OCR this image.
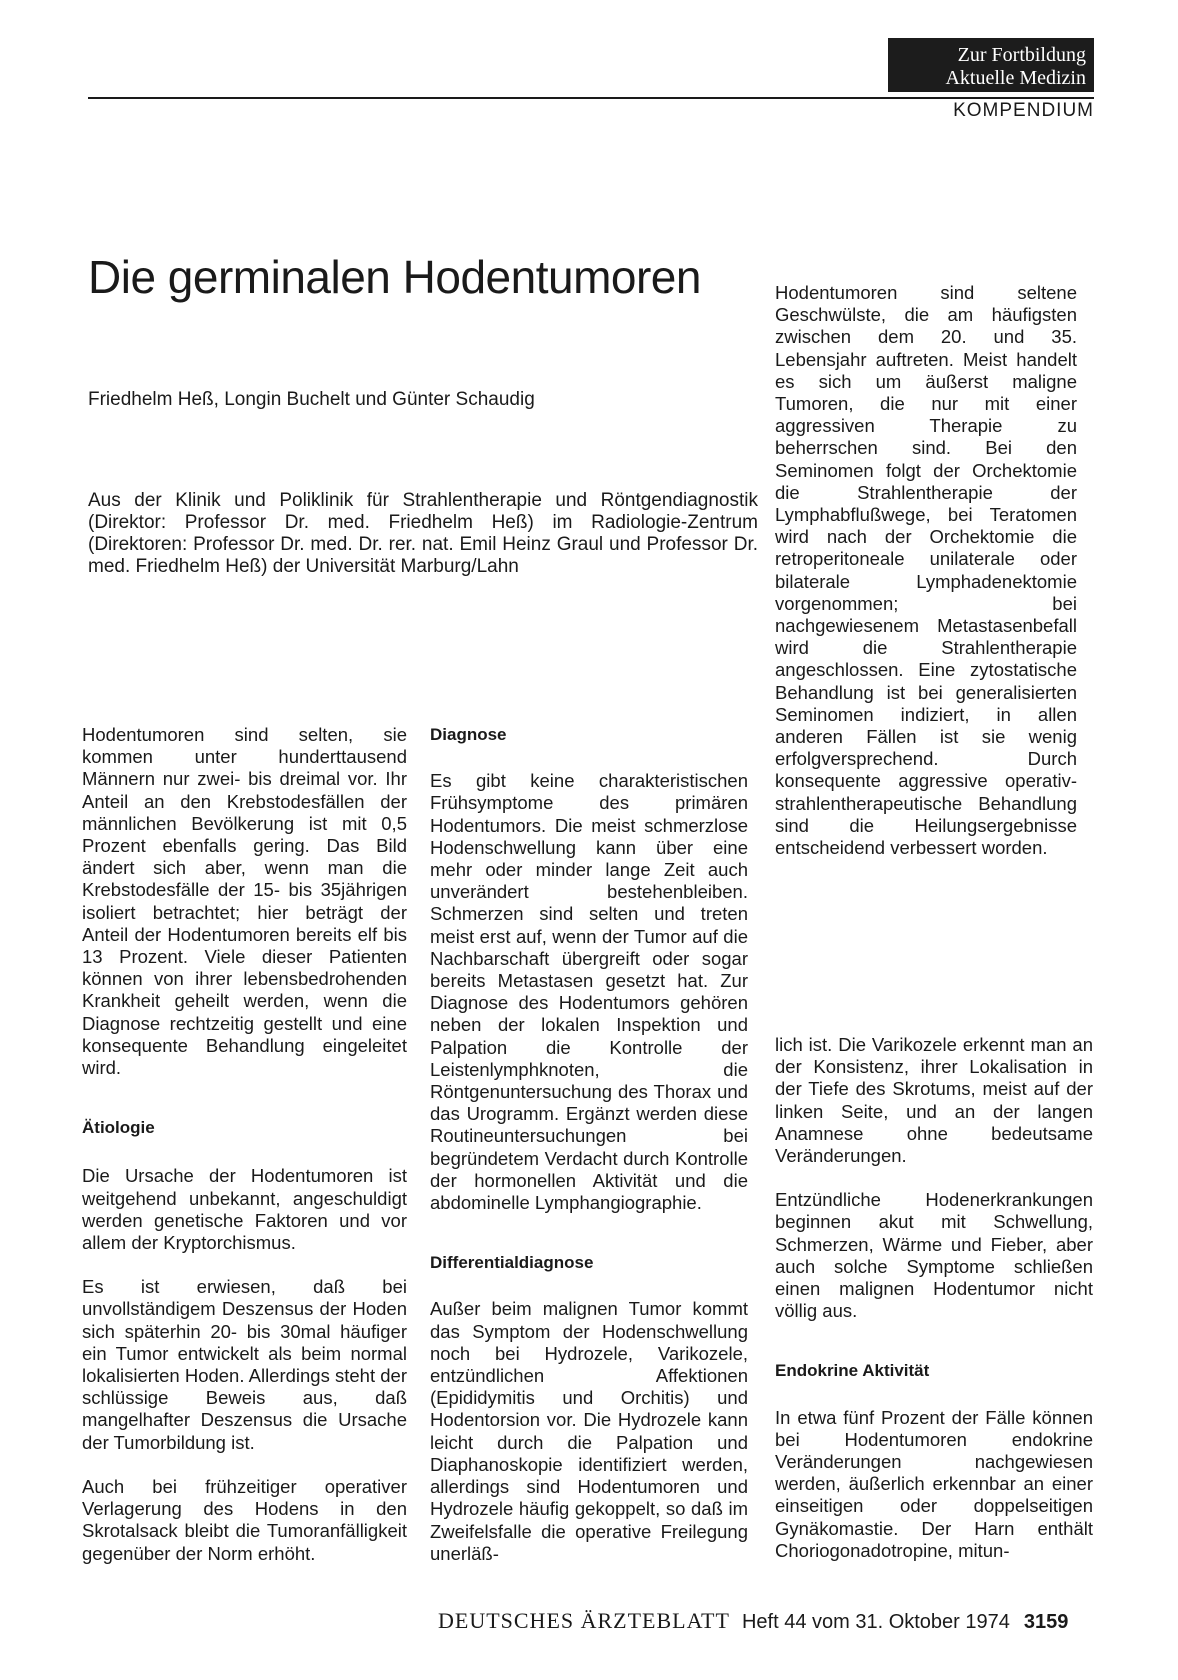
Zur Fortbildung
Aktuelle Medizin
KOMPENDIUM
Die germinalen Hodentumoren
Friedhelm Heß, Longin Buchelt und Günter Schaudig
Aus der Klinik und Poliklinik für Strahlentherapie und Röntgendiagnostik (Direktor: Professor Dr. med. Friedhelm Heß) im Radiologie-Zentrum (Direktoren: Professor Dr. med. Dr. rer. nat. Emil Heinz Graul und Professor Dr. med. Friedhelm Heß) der Universität Marburg/Lahn

Hodentumoren sind selten, sie kommen unter hunderttausend Männern nur zwei- bis dreimal vor. Ihr Anteil an den Krebstodesfällen der männlichen Bevölkerung ist mit 0,5 Prozent ebenfalls gering. Das Bild ändert sich aber, wenn man die Krebstodesfälle der 15- bis 35jährigen isoliert betrachtet; hier beträgt der Anteil der Hodentumoren bereits elf bis 13 Prozent. Viele dieser Patienten können von ihrer lebensbedrohenden Krankheit geheilt werden, wenn die Diagnose rechtzeitig gestellt und eine konsequente Behandlung eingeleitet wird.

Ätiologie

Die Ursache der Hodentumoren ist weitgehend unbekannt, angeschuldigt werden genetische Faktoren und vor allem der Kryptorchismus.

Es ist erwiesen, daß bei unvollständigem Deszensus der Hoden sich späterhin 20- bis 30mal häufiger ein Tumor entwickelt als beim normal lokalisierten Hoden. Allerdings steht der schlüssige Beweis aus, daß mangelhafter Deszensus die Ursache der Tumorbildung ist.

Auch bei frühzeitiger operativer Verlagerung des Hodens in den Skrotalsack bleibt die Tumoranfälligkeit gegenüber der Norm erhöht.

Diagnose

Es gibt keine charakteristischen Frühsymptome des primären Hodentumors. Die meist schmerzlose Hodenschwellung kann über eine mehr oder minder lange Zeit auch unverändert bestehenbleiben. Schmerzen sind selten und treten meist erst auf, wenn der Tumor auf die Nachbarschaft übergreift oder sogar bereits Metastasen gesetzt hat. Zur Diagnose des Hodentumors gehören neben der lokalen Inspektion und Palpation die Kontrolle der Leistenlymphknoten, die Röntgenuntersuchung des Thorax und das Urogramm. Ergänzt werden diese Routineuntersuchungen bei begründetem Verdacht durch Kontrolle der hormonellen Aktivität und die abdominelle Lymphangiographie.

Differentialdiagnose

Außer beim malignen Tumor kommt das Symptom der Hodenschwellung noch bei Hydrozele, Varikozele, entzündlichen Affektionen (Epididymitis und Orchitis) und Hodentorsion vor. Die Hydrozele kann leicht durch die Palpation und Diaphanoskopie identifiziert werden, allerdings sind Hodentumoren und Hydrozele häufig gekoppelt, so daß im Zweifelsfalle die operative Freilegung unerläß-

Hodentumoren sind seltene Geschwülste, die am häufigsten zwischen dem 20. und 35. Lebensjahr auftreten. Meist handelt es sich um äußerst maligne Tumoren, die nur mit einer aggressiven Therapie zu beherrschen sind. Bei den Seminomen folgt der Orchektomie die Strahlentherapie der Lymphabflußwege, bei Teratomen wird nach der Orchektomie die retroperitoneale unilaterale oder bilaterale Lymphadenektomie vorgenommen; bei nachgewiesenem Metastasenbefall wird die Strahlentherapie angeschlossen. Eine zytostatische Behandlung ist bei generalisierten Seminomen indiziert, in allen anderen Fällen ist sie wenig erfolgversprechend. Durch konsequente aggressive operativ-strahlentherapeutische Behandlung sind die Heilungsergebnisse entscheidend verbessert worden.

lich ist. Die Varikozele erkennt man an der Konsistenz, ihrer Lokalisation in der Tiefe des Skrotums, meist auf der linken Seite, und an der langen Anamnese ohne bedeutsame Veränderungen.

Entzündliche Hodenerkrankungen beginnen akut mit Schwellung, Schmerzen, Wärme und Fieber, aber auch solche Symptome schließen einen malignen Hodentumor nicht völlig aus.

Endokrine Aktivität

In etwa fünf Prozent der Fälle können bei Hodentumoren endokrine Veränderungen nachgewiesen werden, äußerlich erkennbar an einer einseitigen oder doppelseitigen Gynäkomastie. Der Harn enthält Choriogonadotropine, mitun-

DEUTSCHES ÄRZTEBLATT Heft 44 vom 31. Oktober 1974 3159
